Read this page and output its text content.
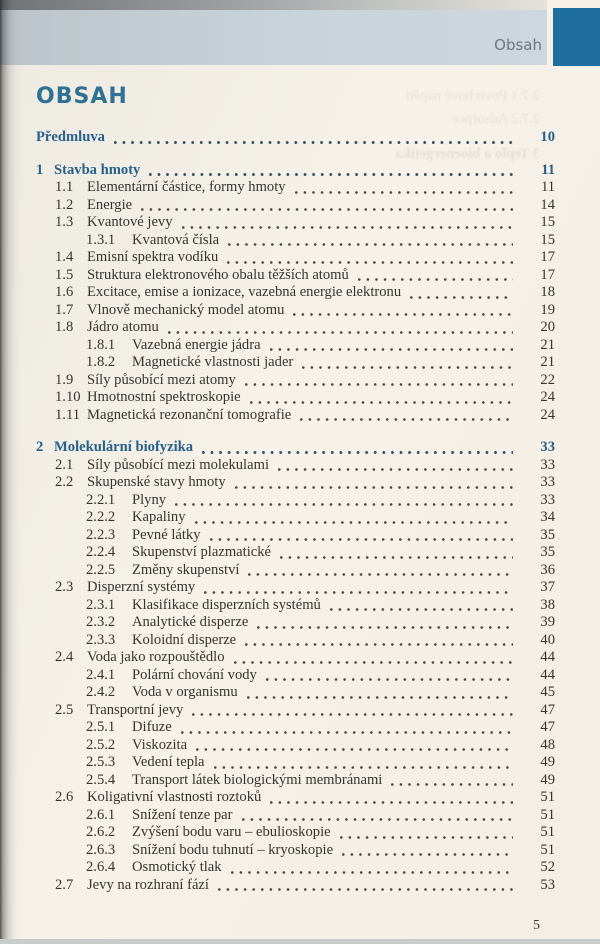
Obsah
2.7.1 Povrchové napětí
2.7.2 Adsorpce
3 Teplo a bioenergetika
OBSAH
Předmluva	10
1 Stavba hmoty	11
1.1 Elementární částice, formy hmoty	11
1.2 Energie	14
1.3 Kvantové jevy	15
1.3.1	Kvantová čísla	15
1.4 Emisní spektra vodíku	17
1.5 Struktura elektronového obalu těžších atomů	17
1.6 Excitace, emise a ionizace, vazebná energie elektronu	18
1.7 Vlnově mechanický model atomu	19
1.8 Jádro atomu	20
1.8.1	Vazebná energie jádra	21
1.8.2	Magnetické vlastnosti jader	21
1.9 Síly působící mezi atomy	22
1.10 Hmotnostní spektroskopie	24
1.11 Magnetická rezonanční tomografie	24
2 Molekulární biofyzika	33
2.1 Síly působící mezi molekulami	33
2.2 Skupenské stavy hmoty	33
2.2.1	Plyny	33
2.2.2	Kapaliny	34
2.2.3	Pevné látky	35
2.2.4	Skupenství plazmatické	35
2.2.5	Změny skupenství	36
2.3 Disperzní systémy	37
2.3.1	Klasifikace disperzních systémů	38
2.3.2	Analytické disperze	39
2.3.3	Koloidní disperze	40
2.4 Voda jako rozpouštědlo	44
2.4.1	Polární chování vody	44
2.4.2	Voda v organismu	45
2.5 Transportní jevy	47
2.5.1	Difuze	47
2.5.2	Viskozita	48
2.5.3	Vedení tepla	49
2.5.4	Transport látek biologickými membránami	49
2.6 Koligativní vlastnosti roztoků	51
2.6.1	Snížení tenze par	51
2.6.2	Zvýšení bodu varu – ebulioskopie	51
2.6.3	Snížení bodu tuhnutí – kryoskopie	51
2.6.4	Osmotický tlak	52
2.7 Jevy na rozhraní fází	53
5
